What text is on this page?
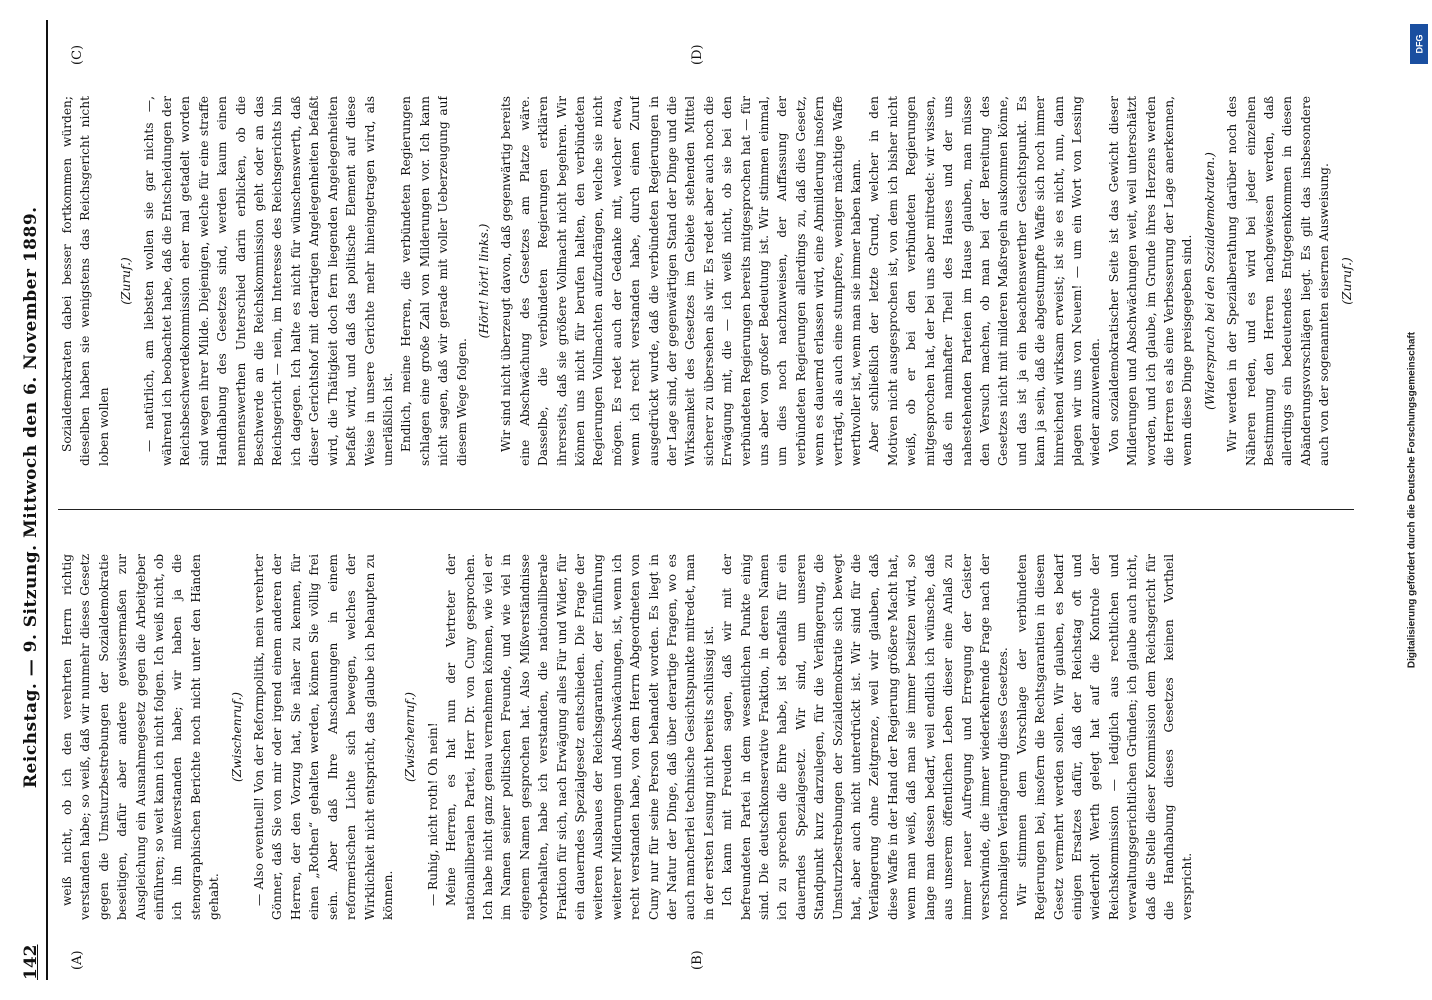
142
Reichstag. — 9. Sitzung. Mittwoch den 6. November 1889.
(A)	(B)
(C)	(D)

weiß nicht, ob ich den verehrten Herrn richtig verstanden habe; so weiß, daß wir nunmehr dieses Gesetz gegen die Umsturzbestrebungen der Sozialdemokratie beseitigen, dafür aber andere gewissermaßen zur Ausgleichung ein Ausnahmegesetz gegen die Arbeitgeber einführen; so weit kann ich nicht folgen. Ich weiß nicht, ob ich ihn mißverstanden habe; wir haben ja die stenographischen Berichte noch nicht unter den Händen gehabt.

(Zwischenruf.) — Also eventuell! Von der Reformpolitik, mein verehrter Gönner, daß Sie von mir oder irgend einem anderen der Herren, der den Vorzug hat, Sie näher zu kennen, für einen „Rothen“ gehalten werden, können Sie völlig frei sein. Aber daß Ihre Anschauungen in einem reformerischen Lichte sich bewegen, welches der Wirklichkeit nicht entspricht, das glaube ich behaupten zu können.

(Zwischenruf.) — Ruhig, nicht roth! Oh nein! Meine Herren, es hat nun der Vertreter der nationalliberalen Partei, Herr Dr. von Cuny gesprochen. Ich habe nicht ganz genau vernehmen können, wie viel er im Namen seiner politischen Freunde, und wie viel in eigenem Namen gesprochen hat. Also Mißverständnisse vorbehalten, habe ich verstanden, die nationalliberale Fraktion für sich, nach Erwägung alles Für und Wider, für ein dauerndes Spezialgesetz entschieden. Die Frage der weiteren Ausbaues der Reichsgarantien, der Einführung weiterer Milderungen und Abschwächungen, ist, wenn ich recht verstanden habe, von dem Herrn Abgeordneten von Cuny nur für seine Person behandelt worden. Es liegt in der Natur der Dinge, daß über derartige Fragen, wo es auch mancherlei technische Gesichtspunkte mitredet, man in der ersten Lesung nicht bereits schlüssig ist. Ich kann mit Freuden sagen, daß wir mit der befreundeten Partei in dem wesentlichen Punkte einig sind. Die deutschkonservative Fraktion, in deren Namen ich zu sprechen die Ehre habe, ist ebenfalls für ein dauerndes Spezialgesetz. Wir sind, um unseren Standpunkt kurz darzulegen, für die Verlängerung, die Umsturzbestrebungen der Sozialdemokratie sich bewegt hat, aber auch nicht unterdrückt ist. Wir sind für die Verlängerung ohne Zeitgrenze, weil wir glauben, daß diese Waffe in der Hand der Regierung größere Macht hat, wenn man weiß, daß man sie immer besitzen wird, so lange man dessen bedarf, weil endlich ich wünsche, daß aus unserem öffentlichen Leben dieser eine Anlaß zu immer neuer Aufregung und Erregung der Geister verschwinde, die immer wiederkehrende Frage nach der nochmaligen Verlängerung dieses Gesetzes. Wir stimmen dem Vorschlage der verbündeten Regierungen bei, insofern die Rechtsgarantien in diesem Gesetz vermehrt werden sollen. Wir glauben, es bedarf einigen Ersatzes dafür, daß der Reichstag oft und wiederholt Werth gelegt hat auf die Kontrole der Reichskommission — lediglich aus rechtlichen und verwaltungsgerichtlichen Gründen; ich glaube auch nicht, daß die Stelle dieser Kommission dem Reichsgericht für die Handhabung dieses Gesetzes keinen Vortheil verspricht.

Sozialdemokraten dabei besser fortkommen würden; dieselben haben sie wenigstens das Reichsgericht nicht loben wollen

(Zuruf.) — natürlich, am liebsten wollen sie gar nichts —, während ich beobachtet habe, daß die Entscheidungen der Reichsbeschwerdekommission eher mal getadelt worden sind wegen ihrer Milde. Diejenigen, welche für eine straffe Handhabung des Gesetzes sind, werden kaum einen nennenswerthen Unterschied darin erblicken, ob die Beschwerde an die Reichskommission geht oder an das Reichsgericht — nein, im Interesse des Reichsgerichts bin ich dagegen. Ich halte es nicht für wünschenswerth, daß dieser Gerichtshof mit derartigen Angelegenheiten befaßt wird, die Thätigkeit doch fern liegenden Angelegenheiten befaßt wird, und daß das politische Element auf diese Weise in unsere Gerichte mehr hineingetragen wird, als unerläßlich ist. Endlich, meine Herren, die verbündeten Regierungen schlagen eine große Zahl von Milderungen vor. Ich kann nicht sagen, daß wir gerade mit voller Ueberzeugung auf diesem Wege folgen.

(Hört! hört! links.) Wir sind nicht überzeugt davon, daß gegenwärtig bereits eine Abschwächung des Gesetzes am Platze wäre. Dasselbe, die verbündeten Regierungen erklären ihrerseits, daß sie größere Vollmacht nicht begehren. Wir können uns nicht für berufen halten, den verbündeten Regierungen Vollmachten aufzudrängen, welche sie nicht mögen. Es redet auch der Gedanke mit, welcher etwa, wenn ich recht verstanden habe, durch einen Zuruf ausgedrückt wurde, daß die verbündeten Regierungen in der Lage sind, der gegenwärtigen Stand der Dinge und die Wirksamkeit des Gesetzes im Gebiete stehenden Mittel sicherer zu übersehen als wir. Es redet aber auch noch die Erwägung mit, die — ich weiß nicht, ob sie bei den verbündeten Regierungen bereits mitgesprochen hat — für uns aber von großer Bedeutung ist. Wir stimmen einmal, um dies noch nachzuweisen, der Auffassung der verbündeten Regierungen allerdings zu, daß dies Gesetz, wenn es dauernd erlassen wird, eine Abmilderung insofern verträgt, als auch eine stumpfere, weniger mächtige Waffe werthvoller ist, wenn man sie immer haben kann. Aber schließlich der letzte Grund, welcher in den Motiven nicht ausgesprochen ist, von dem ich bisher nicht weiß, ob er bei den verbündeten Regierungen mitgesprochen hat, der bei uns aber mitredet: wir wissen, daß ein namhafter Theil des Hauses und der uns nahestehenden Parteien im Hause glauben, man müsse den Versuch machen, ob man bei der Bereitung des Gesetzes nicht mit milderen Maßregeln auskommen könne, und das ist ja ein beachtenswerther Gesichtspunkt. Es kann ja sein, daß die abgestumpfte Waffe sich noch immer hinreichend wirksam erweist; ist sie es nicht, nun, dann plagen wir uns von Neuem! — um ein Wort von Lessing wieder anzuwenden. Von sozialdemokratischer Seite ist das Gewicht dieser Milderungen und Abschwächungen weit, weil unterschätzt worden, und ich glaube, im Grunde ihres Herzens werden die Herren es als eine Verbesserung der Lage anerkennen, wenn diese Dinge preisgegeben sind. (Widerspruch bei den Sozialdemokraten.) Wir werden in der Spezialberathung darüber noch des Näheren reden, und es wird bei jeder einzelnen Bestimmung den Herren nachgewiesen werden, daß allerdings ein bedeutendes Entgegenkommen in diesen Abänderungsvorschlägen liegt. Es gilt das insbesondere auch von der sogenannten eisernen Ausweisung. (Zuruf.)

DFG
Digitalisierung gefördert durch die Deutsche Forschungsgemeinschaft
